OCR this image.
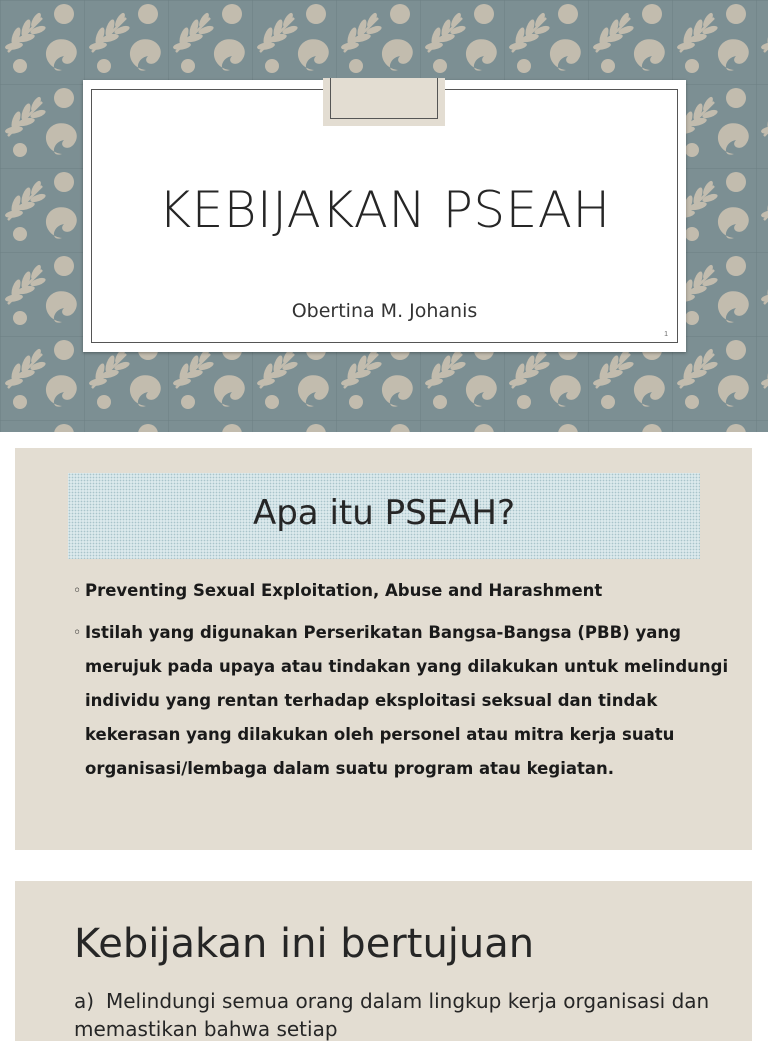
KEBIJAKAN PSEAH
Obertina M. Johanis
1
Apa itu PSEAH?
◦ Preventing Sexual Exploitation, Abuse and Harashment
◦ Istilah yang digunakan Perserikatan Bangsa-Bangsa (PBB) yang merujuk pada upaya atau tindakan yang dilakukan untuk melindungi individu yang rentan terhadap eksploitasi seksual dan tindak kekerasan yang dilakukan oleh personel atau mitra kerja suatu organisasi/lembaga dalam suatu program atau kegiatan.
Kebijakan ini bertujuan
a) Melindungi semua orang dalam lingkup kerja organisasi dan memastikan bahwa setiap
